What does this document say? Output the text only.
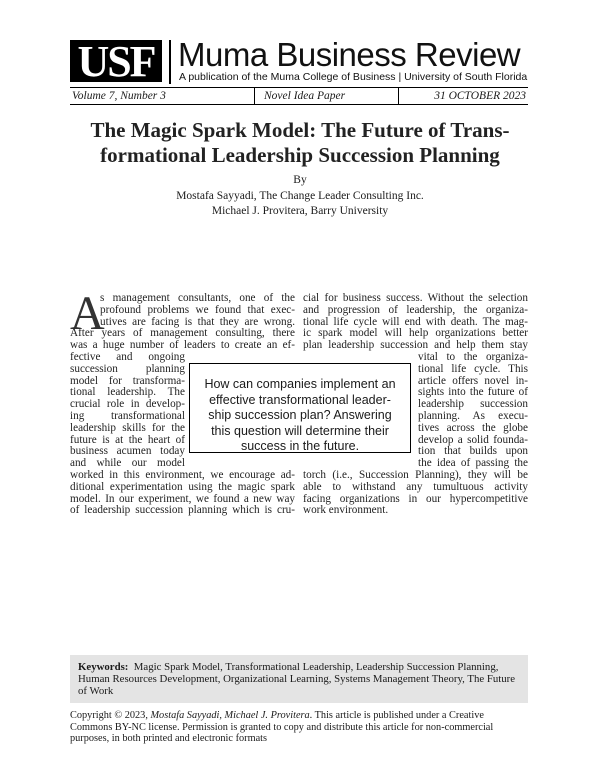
USF Muma Business Review
A publication of the Muma College of Business | University of South Florida
Volume 7, Number 3	Novel Idea Paper	31 OCTOBER 2023
The Magic Spark Model: The Future of Trans-
formational Leadership Succession Planning
By
Mostafa Sayyadi, The Change Leader Consulting Inc.
Michael J. Provitera, Barry University
A
s management consultants, one of the
profound problems we found that exec-
utives are facing is that they are wrong.
After years of management consulting, there
was a huge number of leaders to create an ef-
fective and ongoing
succession planning
model for transforma-
tional leadership. The
crucial role in develop-
ing transformational
leadership skills for the
future is at the heart of
business acumen today
and while our model
worked in this environment, we encourage ad-
ditional experimentation using the magic spark
model. In our experiment, we found a new way
of leadership succession planning which is cru-
cial for business success. Without the selection
and progression of leadership, the organiza-
tional life cycle will end with death. The mag-
ic spark model will help organizations better
plan leadership succession and help them stay
vital to the organiza-
tional life cycle. This
article offers novel in-
sights into the future of
leadership succession
planning. As execu-
tives across the globe
develop a solid founda-
tion that builds upon
the idea of passing the
torch (i.e., Succession Planning), they will be
able to withstand any tumultuous activity
facing organizations in our hypercompetitive
work environment.
How can companies implement an
effective transformational leader-
ship succession plan? Answering
this question will determine their
success in the future.
Keywords: Magic Spark Model, Transformational Leadership, Leadership Succession Planning, Human Resources Development, Organizational Learning, Systems Management Theory, The Future of Work
Copyright © 2023, Mostafa Sayyadi, Michael J. Provitera. This article is published under a Creative Commons BY-NC license. Permission is granted to copy and distribute this article for non-commercial purposes, in both printed and electronic formats
